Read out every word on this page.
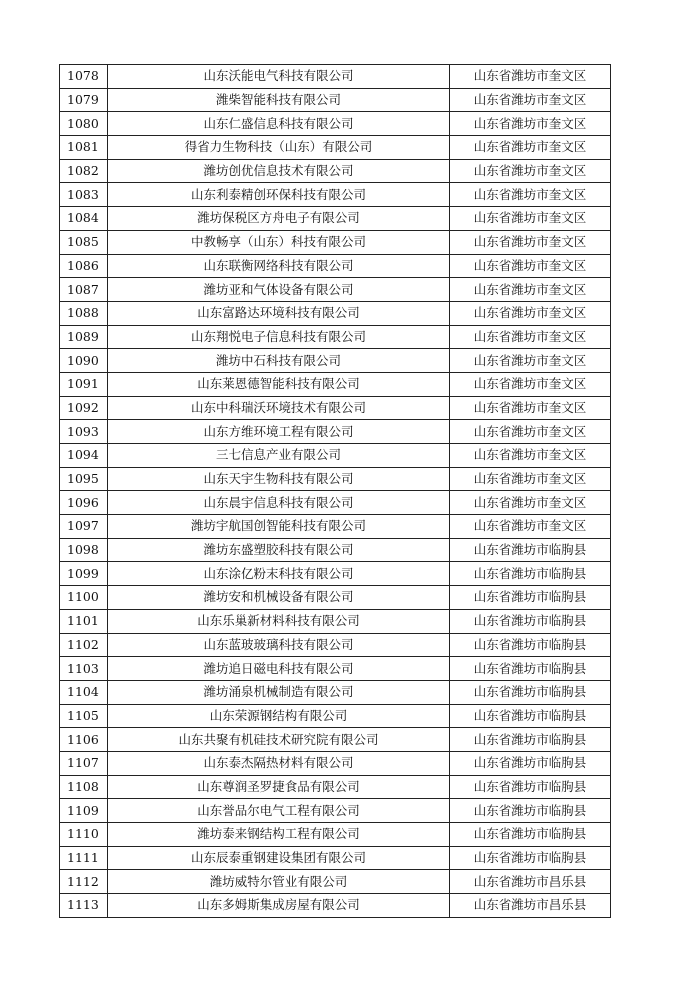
1078	山东沃能电气科技有限公司	山东省潍坊市奎文区
1079	潍柴智能科技有限公司	山东省潍坊市奎文区
1080	山东仁盛信息科技有限公司	山东省潍坊市奎文区
1081	得省力生物科技（山东）有限公司	山东省潍坊市奎文区
1082	潍坊创优信息技术有限公司	山东省潍坊市奎文区
1083	山东利泰精创环保科技有限公司	山东省潍坊市奎文区
1084	潍坊保税区方舟电子有限公司	山东省潍坊市奎文区
1085	中教畅享（山东）科技有限公司	山东省潍坊市奎文区
1086	山东联衡网络科技有限公司	山东省潍坊市奎文区
1087	潍坊亚和气体设备有限公司	山东省潍坊市奎文区
1088	山东富路达环境科技有限公司	山东省潍坊市奎文区
1089	山东翔悦电子信息科技有限公司	山东省潍坊市奎文区
1090	潍坊中石科技有限公司	山东省潍坊市奎文区
1091	山东莱恩德智能科技有限公司	山东省潍坊市奎文区
1092	山东中科瑞沃环境技术有限公司	山东省潍坊市奎文区
1093	山东方维环境工程有限公司	山东省潍坊市奎文区
1094	三七信息产业有限公司	山东省潍坊市奎文区
1095	山东天宇生物科技有限公司	山东省潍坊市奎文区
1096	山东晨宇信息科技有限公司	山东省潍坊市奎文区
1097	潍坊宇航国创智能科技有限公司	山东省潍坊市奎文区
1098	潍坊东盛塑胶科技有限公司	山东省潍坊市临朐县
1099	山东涂亿粉末科技有限公司	山东省潍坊市临朐县
1100	潍坊安和机械设备有限公司	山东省潍坊市临朐县
1101	山东乐巢新材料科技有限公司	山东省潍坊市临朐县
1102	山东蓝玻玻璃科技有限公司	山东省潍坊市临朐县
1103	潍坊追日磁电科技有限公司	山东省潍坊市临朐县
1104	潍坊涌泉机械制造有限公司	山东省潍坊市临朐县
1105	山东荣源钢结构有限公司	山东省潍坊市临朐县
1106	山东共聚有机硅技术研究院有限公司	山东省潍坊市临朐县
1107	山东泰杰隔热材料有限公司	山东省潍坊市临朐县
1108	山东尊润圣罗捷食品有限公司	山东省潍坊市临朐县
1109	山东誉品尔电气工程有限公司	山东省潍坊市临朐县
1110	潍坊泰来钢结构工程有限公司	山东省潍坊市临朐县
1111	山东辰泰重钢建设集团有限公司	山东省潍坊市临朐县
1112	潍坊威特尔管业有限公司	山东省潍坊市昌乐县
1113	山东多姆斯集成房屋有限公司	山东省潍坊市昌乐县
